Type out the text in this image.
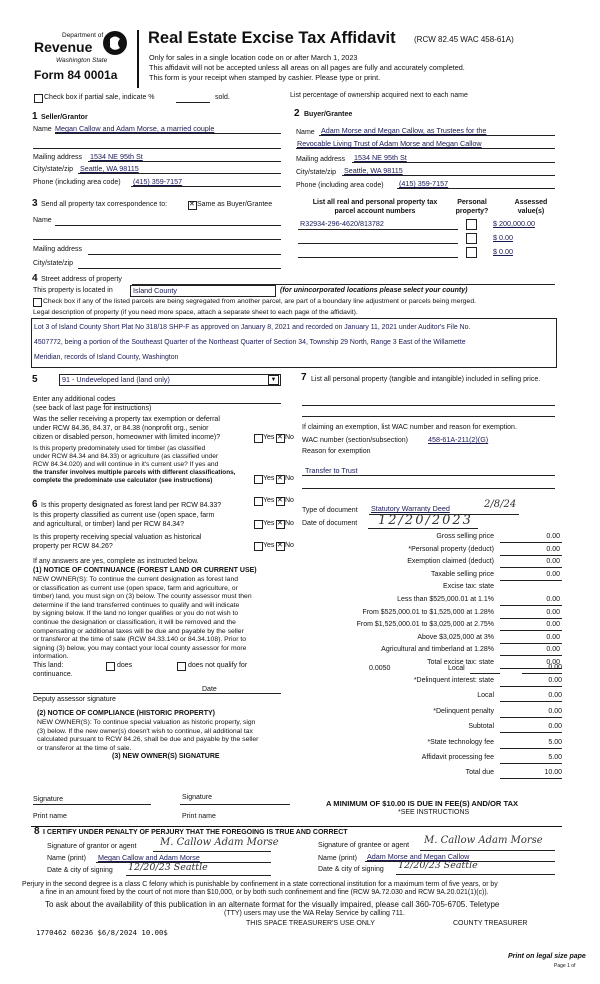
Department of
Revenue
Washington State
Form 84 0001a
Real Estate Excise Tax Affidavit (RCW 82.45 WAC 458-61A)
Only for sales in a single location code on or after March 1, 2023
This affidavit will not be accepted unless all areas on all pages are fully and accurately completed.
This form is your receipt when stamped by cashier. Please type or print.
Check box if partial sale, indicate %	sold.	List percentage of ownership acquired next to each name
1 Seller/Grantor
Name Megan Callow and Adam Morse, a married couple
Mailing address 1534 NE 95th St
City/state/zip Seattle, WA 98115
Phone (including area code) (415) 359-7157
2 Buyer/Grantee
Name Adam Morse and Megan Callow, as Trustees for the
Revocable Living Trust of Adam Morse and Megan Callow
Mailing address 1534 NE 95th St
City/state/zip Seattle, WA 98115
Phone (including area code) (415) 359-7157
3 Send all property tax correspondence to: ✕	Same as Buyer/Grantee
Name
Mailing address
City/state/zip
List all real and personal property tax parcel account numbers
Personal property?
Assessed value(s)
R32934-296-4620/813782	$ 200,000.00
$ 0.00
$ 0.00
4 Street address of property
This property is located in	Island County	(for unincorporated locations please select your county)
Check box if any of the listed parcels are being segregated from another parcel, are part of a boundary line adjustment or parcels being merged.
Legal description of property (if you need more space, attach a separate sheet to each page of the affidavit).
Lot 3 of Island County Short Plat No 318/18 SHP-F as approved on January 8, 2021 and recorded on January 11, 2021 under Auditor's File No.
4507772, being a portion of the Southeast Quarter of the Northeast Quarter of Section 34, Township 29 North, Range 3 East of the Willamette
Meridian, records of Island County, Washington
5	91 - Undeveloped land (land only)	▼
Enter any additional codes
(see back of last page for instructions)
Was the seller receiving a property tax exemption or deferral
under RCW 84.36, 84.37, or 84.38 (nonprofit org., senior
citizen or disabled person, homeowner with limited income)?	Yes ✕ No
Is this property predominately used for timber (as classified
under RCW 84.34 and 84.33) or agriculture (as classified under
RCW 84.34.020) and will continue in it's current use? If yes and
the transfer involves multiple parcels with different classifications,
complete the predominate use calculator (see instructions)	Yes ✕ No
6 Is this property designated as forest land per RCW 84.33?
Yes ✕ No
Is this property classified as current use (open space, farm
and agricultural, or timber) land per RCW 84.34?	Yes ✕ No
Is this property receiving special valuation as historical
property per RCW 84.26?	Yes ✕ No
If any answers are yes, complete as instructed below.
(1) NOTICE OF CONTINUANCE (FOREST LAND OR CURRENT USE)
NEW OWNER(S): To continue the current designation as forest land
or classification as current use (open space, farm and agriculture, or
timber) land, you must sign on (3) below. The county assessor must then
determine if the land transferred continues to qualify and will indicate
by signing below. If the land no longer qualifies or you do not wish to
continue the designation or classification, it will be removed and the
compensating or additional taxes will be due and payable by the seller
or transferor at the time of sale (RCW 84.33.140 or 84.34.108). Prior to
signing (3) below, you may contact your local county assessor for more
information.
This land:
continuance.
does	does not qualify for
Deputy assessor signature
Date
(2) NOTICE OF COMPLIANCE (HISTORIC PROPERTY)
NEW OWNER(S): To continue special valuation as historic property, sign
(3) below. If the new owner(s) doesn't wish to continue, all additional tax
calculated pursuant to RCW 84.26, shall be due and payable by the seller
or transferor at the time of sale.
(3) NEW OWNER(S) SIGNATURE
Signature	Signature
Print name	Print name
7 List all personal property (tangible and intangible) included in selling price.
If claiming an exemption, list WAC number and reason for exemption.
WAC number (section/subsection)	458-61A-211(2)(G)
Reason for exemption
Transfer to Trust
Type of document Statutory Warranty Deed	2/8/24
Date of document 12/20/2023
Gross selling price	0.00
*Personal property (deduct)	0.00
Exemption claimed (deduct)	0.00
Taxable selling price	0.00
Excise tax: state
Less than $525,000.01 at 1.1%	0.00
From $525,000.01 to $1,525,000 at 1.28%	0.00
From $1,525,000.01 to $3,025,000 at 2.75%	0.00
Above $3,025,000 at 3%	0.00
Agricultural and timberland at 1.28%	0.00
Total excise tax: state	0.00
0.0050	Local	0.00
*Delinquent interest: state	0.00
Local	0.00
*Delinquent penalty	0.00
Subtotal	0.00
*State technology fee	5.00
Affidavit processing fee	5.00
Total due	10.00
A MINIMUM OF $10.00 IS DUE IN FEE(S) AND/OR TAX
*SEE INSTRUCTIONS
8 I CERTIFY UNDER PENALTY OF PERJURY THAT THE FOREGOING IS TRUE AND CORRECT
Signature of grantor or agent M. Callow Adam Morse
Name (print) Megan Callow and Adam Morse
Date & city of signing 12/20/23 Seattle
Signature of grantee or agent M. Callow Adam Morse
Name (print) Adam Morse and Megan Callow
Date & city of signing 12/20/23 Seattle
Perjury in the second degree is a class C felony which is punishable by confinement in a state correctional institution for a maximum term of five years, or by
a fine in an amount fixed by the court of not more than $10,000, or by both such confinement and fine (RCW 9A.72.030 and RCW 9A.20.021(1)(c)).
To ask about the availability of this publication in an alternate format for the visually impaired, please call 360-705-6705. Teletype
(TTY) users may use the WA Relay Service by calling 711.
THIS SPACE TREASURER'S USE ONLY	COUNTY TREASURER
1770462 60236 $6/8/2024 10.00$
Print on legal size pape
Page 1 of
